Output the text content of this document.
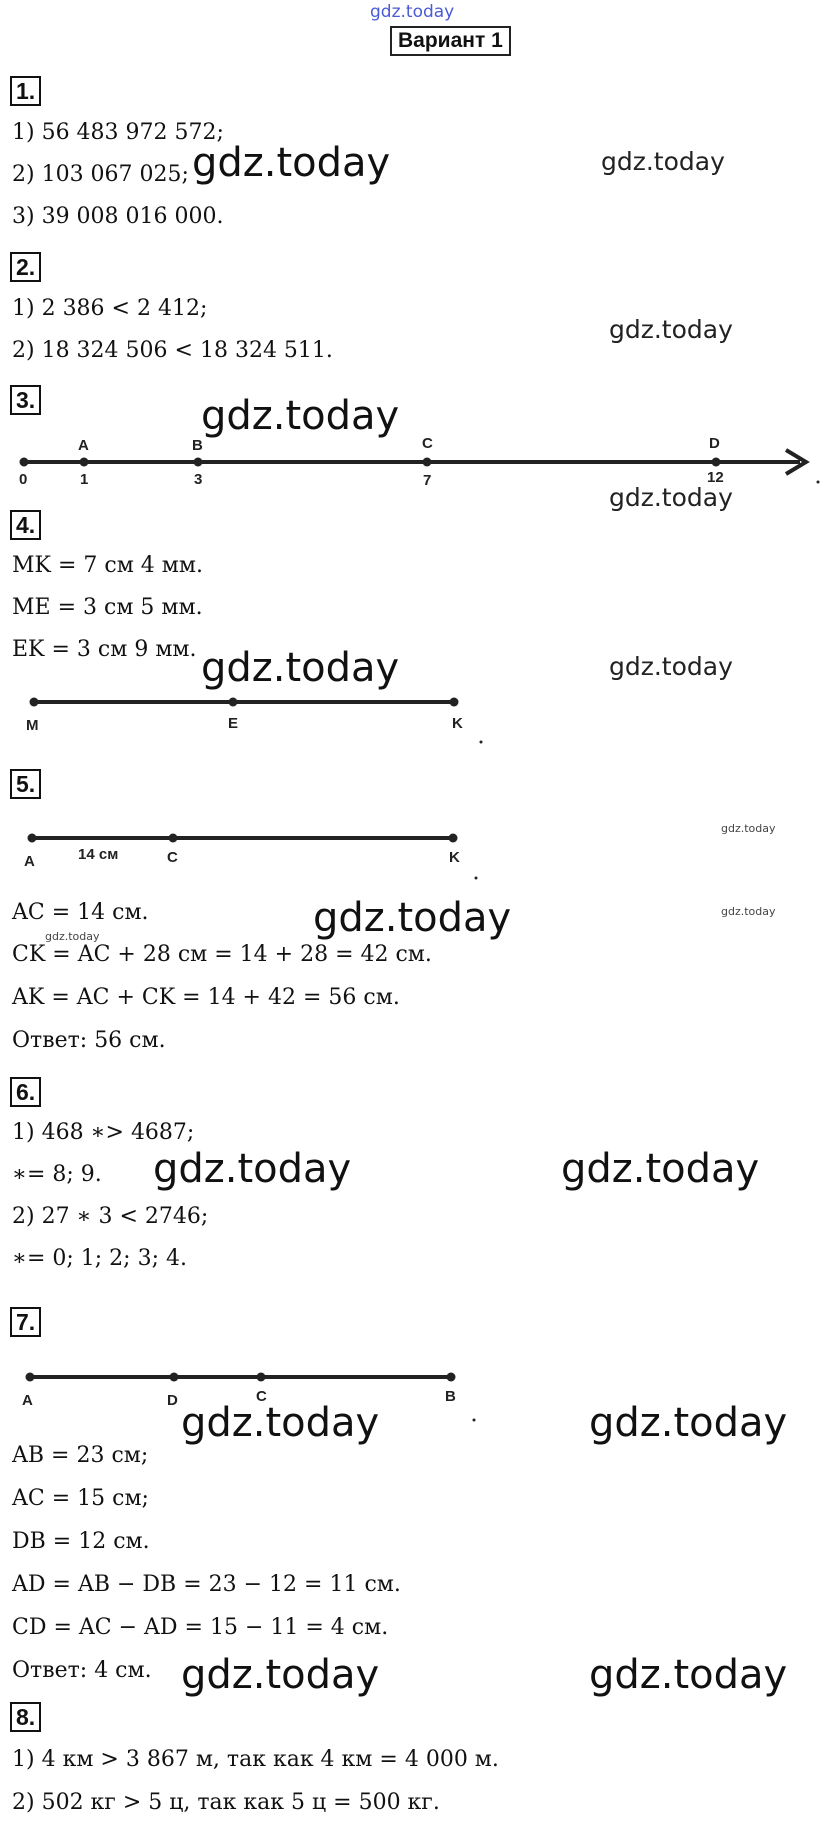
gdz.today
Вариант 1
1.
1) 56 483 972 572;
2) 103 067 025;
3) 39 008 016 000.
2.
1) 2 386 < 2 412;
2) 18 324 506 < 18 324 511.
3.
A	B	C	D
0	1	3	7	12
4.
MK = 7 см 4 мм.
ME = 3 см 5 мм.
EK = 3 см 9 мм.
M	E	K
5.
A	C	K
14 см
AC = 14 см.
CK = AC + 28 см = 14 + 28 = 42 см.
AK = AC + CK = 14 + 42 = 56 см.
Ответ: 56 см.
6.
1) 468 ∗> 4687;
∗= 8; 9.
2) 27 ∗ 3 < 2746;
∗= 0; 1; 2; 3; 4.
7.
A	D	C	B
AB = 23 см;
AC = 15 см;
DB = 12 см.
AD = AB − DB = 23 − 12 = 11 см.
CD = AC − AD = 15 − 11 = 4 см.
Ответ: 4 см.
8.
1) 4 км > 3 867 м, так как 4 км = 4 000 м.
2) 502 кг > 5 ц, так как 5 ц = 500 кг.
gdz.today	gdz.today
gdz.today
gdz.today
gdz.today
gdz.today	gdz.today
gdz.today
gdz.today
gdz.today
gdz.today
gdz.today	gdz.today
gdz.today	gdz.today
gdz.today	gdz.today
